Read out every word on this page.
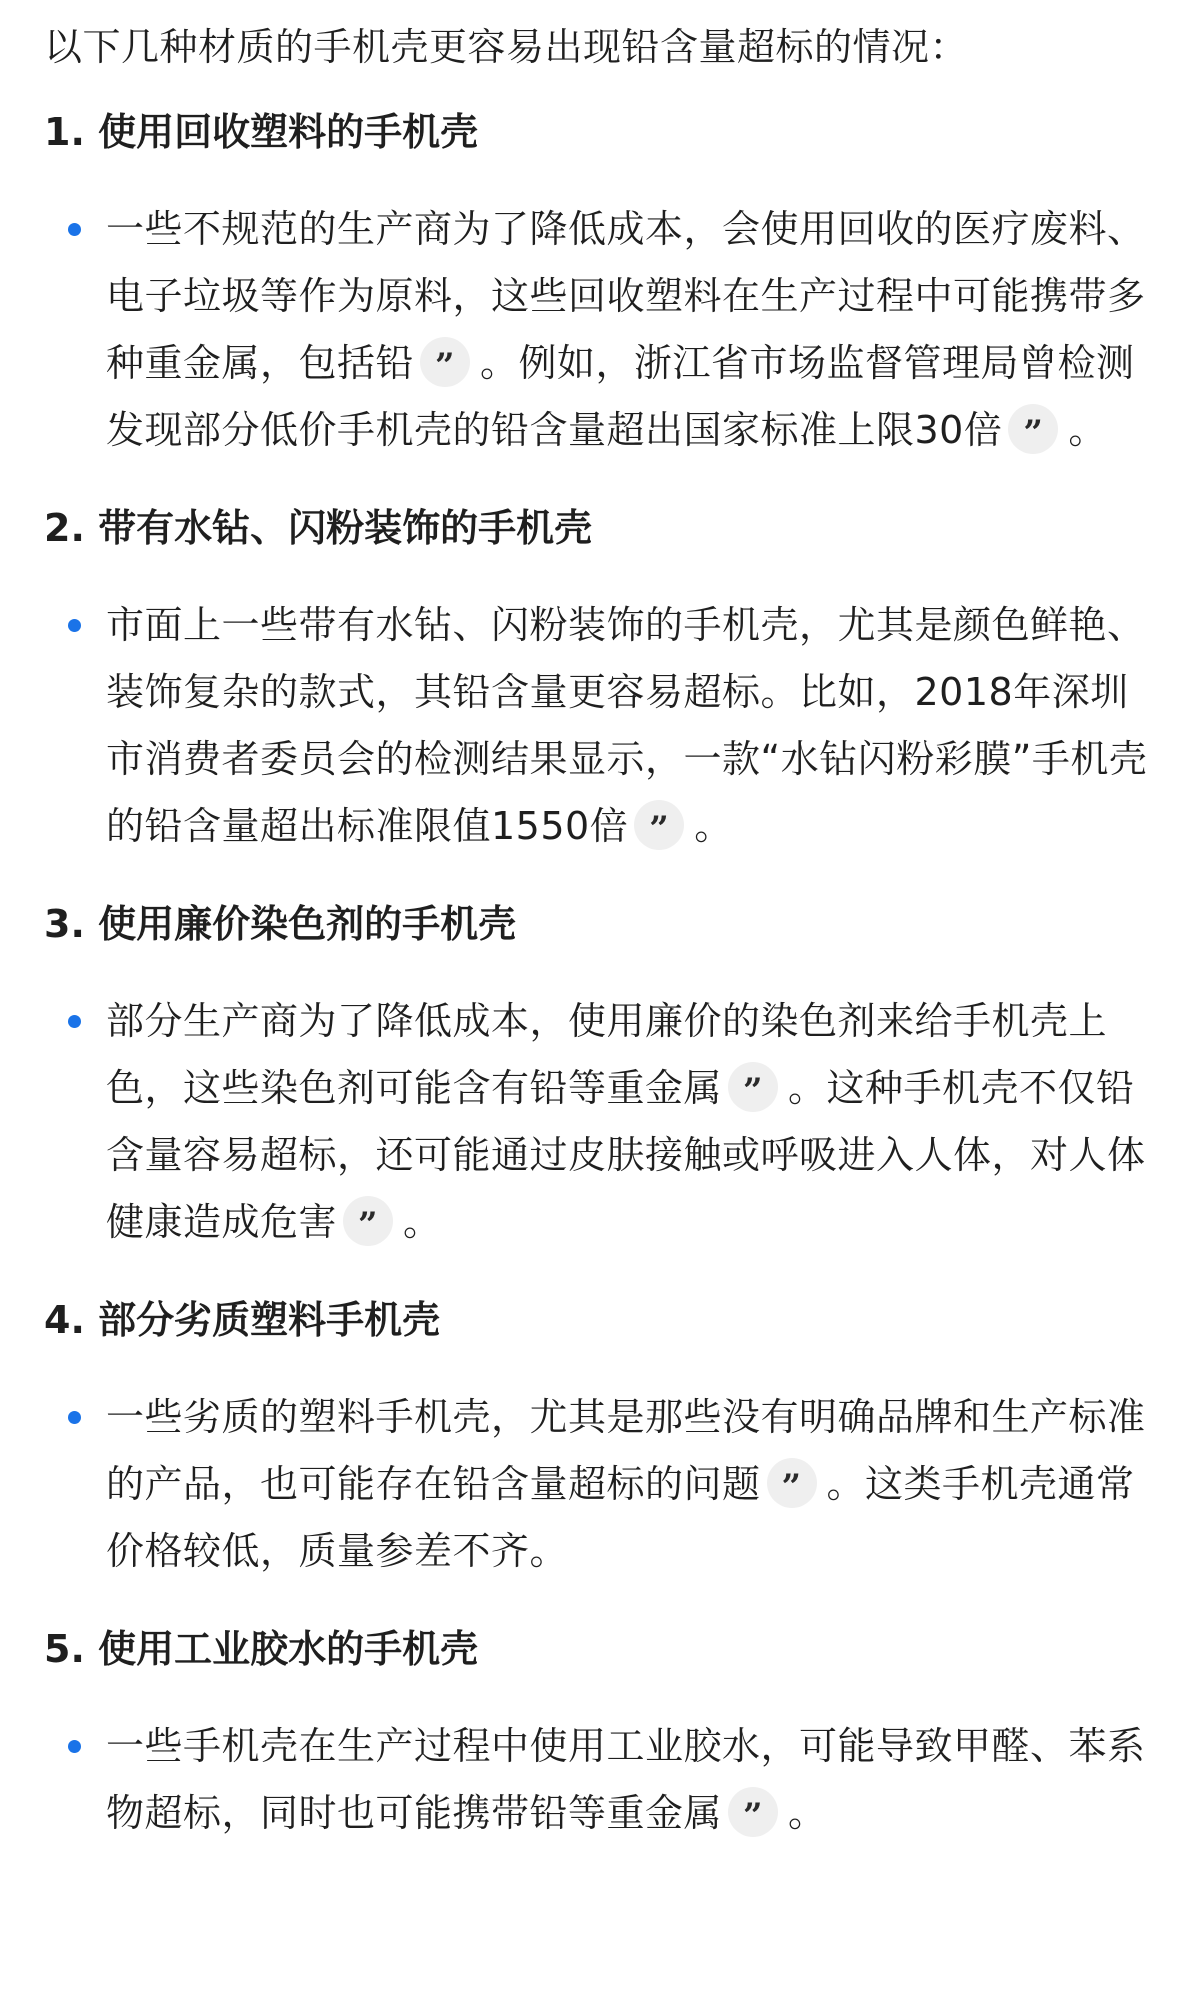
以下几种材质的手机壳更容易出现铅含量超标的情况：

1. 使用回收塑料的手机壳
一些不规范的生产商为了降低成本，会使用回收的医疗废料、电子垃圾等作为原料，这些回收塑料在生产过程中可能携带多种重金属，包括铅 ” 。例如，浙江省市场监督管理局曾检测发现部分低价手机壳的铅含量超出国家标准上限30倍 ” 。
2. 带有水钻、闪粉装饰的手机壳
市面上一些带有水钻、闪粉装饰的手机壳，尤其是颜色鲜艳、装饰复杂的款式，其铅含量更容易超标。比如，2018年深圳市消费者委员会的检测结果显示，一款“水钻闪粉彩膜”手机壳的铅含量超出标准限值1550倍 ” 。
3. 使用廉价染色剂的手机壳
部分生产商为了降低成本，使用廉价的染色剂来给手机壳上色，这些染色剂可能含有铅等重金属 ” 。这种手机壳不仅铅含量容易超标，还可能通过皮肤接触或呼吸进入人体，对人体健康造成危害 ” 。
4. 部分劣质塑料手机壳
一些劣质的塑料手机壳，尤其是那些没有明确品牌和生产标准的产品，也可能存在铅含量超标的问题 ” 。这类手机壳通常价格较低，质量参差不齐。
5. 使用工业胶水的手机壳
一些手机壳在生产过程中使用工业胶水，可能导致甲醛、苯系物超标，同时也可能携带铅等重金属 ” 。
